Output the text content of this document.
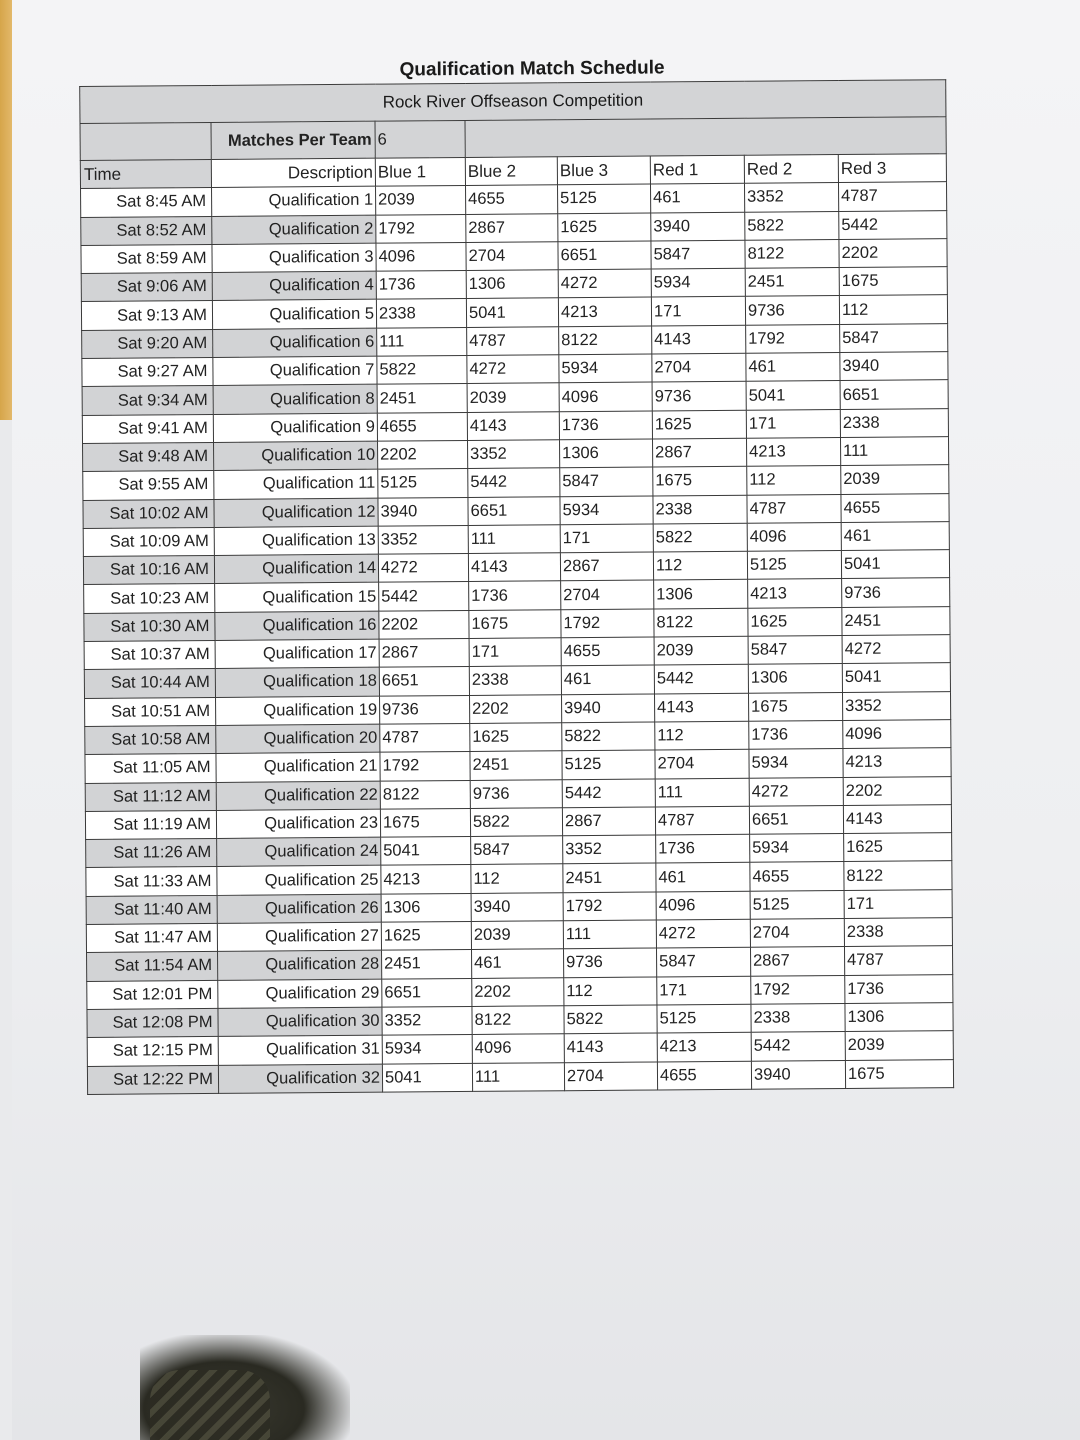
Qualification Match Schedule
Rock River Offseason Competition							
	Matches Per Team	6					
Time	Description	Blue 1	Blue 2	Blue 3	Red 1	Red 2	Red 3
Sat 8:45 AM	Qualification 1	2039	4655	5125	461	3352	4787
Sat 8:52 AM	Qualification 2	1792	2867	1625	3940	5822	5442
Sat 8:59 AM	Qualification 3	4096	2704	6651	5847	8122	2202
Sat 9:06 AM	Qualification 4	1736	1306	4272	5934	2451	1675
Sat 9:13 AM	Qualification 5	2338	5041	4213	171	9736	112
Sat 9:20 AM	Qualification 6	111	4787	8122	4143	1792	5847
Sat 9:27 AM	Qualification 7	5822	4272	5934	2704	461	3940
Sat 9:34 AM	Qualification 8	2451	2039	4096	9736	5041	6651
Sat 9:41 AM	Qualification 9	4655	4143	1736	1625	171	2338
Sat 9:48 AM	Qualification 10	2202	3352	1306	2867	4213	111
Sat 9:55 AM	Qualification 11	5125	5442	5847	1675	112	2039
Sat 10:02 AM	Qualification 12	3940	6651	5934	2338	4787	4655
Sat 10:09 AM	Qualification 13	3352	111	171	5822	4096	461
Sat 10:16 AM	Qualification 14	4272	4143	2867	112	5125	5041
Sat 10:23 AM	Qualification 15	5442	1736	2704	1306	4213	9736
Sat 10:30 AM	Qualification 16	2202	1675	1792	8122	1625	2451
Sat 10:37 AM	Qualification 17	2867	171	4655	2039	5847	4272
Sat 10:44 AM	Qualification 18	6651	2338	461	5442	1306	5041
Sat 10:51 AM	Qualification 19	9736	2202	3940	4143	1675	3352
Sat 10:58 AM	Qualification 20	4787	1625	5822	112	1736	4096
Sat 11:05 AM	Qualification 21	1792	2451	5125	2704	5934	4213
Sat 11:12 AM	Qualification 22	8122	9736	5442	111	4272	2202
Sat 11:19 AM	Qualification 23	1675	5822	2867	4787	6651	4143
Sat 11:26 AM	Qualification 24	5041	5847	3352	1736	5934	1625
Sat 11:33 AM	Qualification 25	4213	112	2451	461	4655	8122
Sat 11:40 AM	Qualification 26	1306	3940	1792	4096	5125	171
Sat 11:47 AM	Qualification 27	1625	2039	111	4272	2704	2338
Sat 11:54 AM	Qualification 28	2451	461	9736	5847	2867	4787
Sat 12:01 PM	Qualification 29	6651	2202	112	171	1792	1736
Sat 12:08 PM	Qualification 30	3352	8122	5822	5125	2338	1306
Sat 12:15 PM	Qualification 31	5934	4096	4143	4213	5442	2039
Sat 12:22 PM	Qualification 32	5041	111	2704	4655	3940	1675
